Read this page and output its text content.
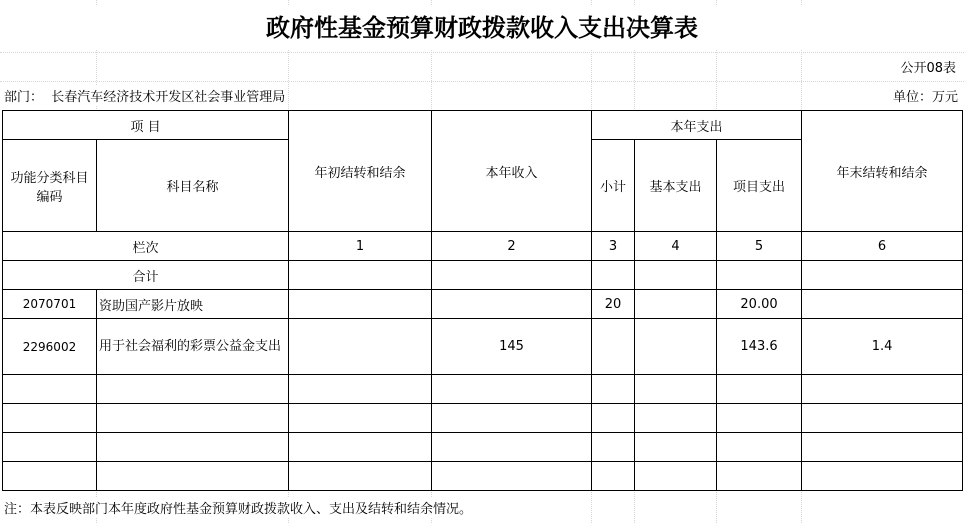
政府性基金预算财政拨款收入支出决算表
公开08表
部门： 长春汽车经济技术开发区社会事业管理局	单位：万元
项 目		年初结转和结余	本年收入	本年支出			年末结转和结余
功能分类科目编码	科目名称			小计	基本支出	项目支出	
栏次		1	2	3	4	5	6
合计							
2070701	资助国产影片放映			20		20.00	
2296002	用于社会福利的彩票公益金支出		145			143.6	1.4

注：本表反映部门本年度政府性基金预算财政拨款收入、支出及结转和结余情况。
